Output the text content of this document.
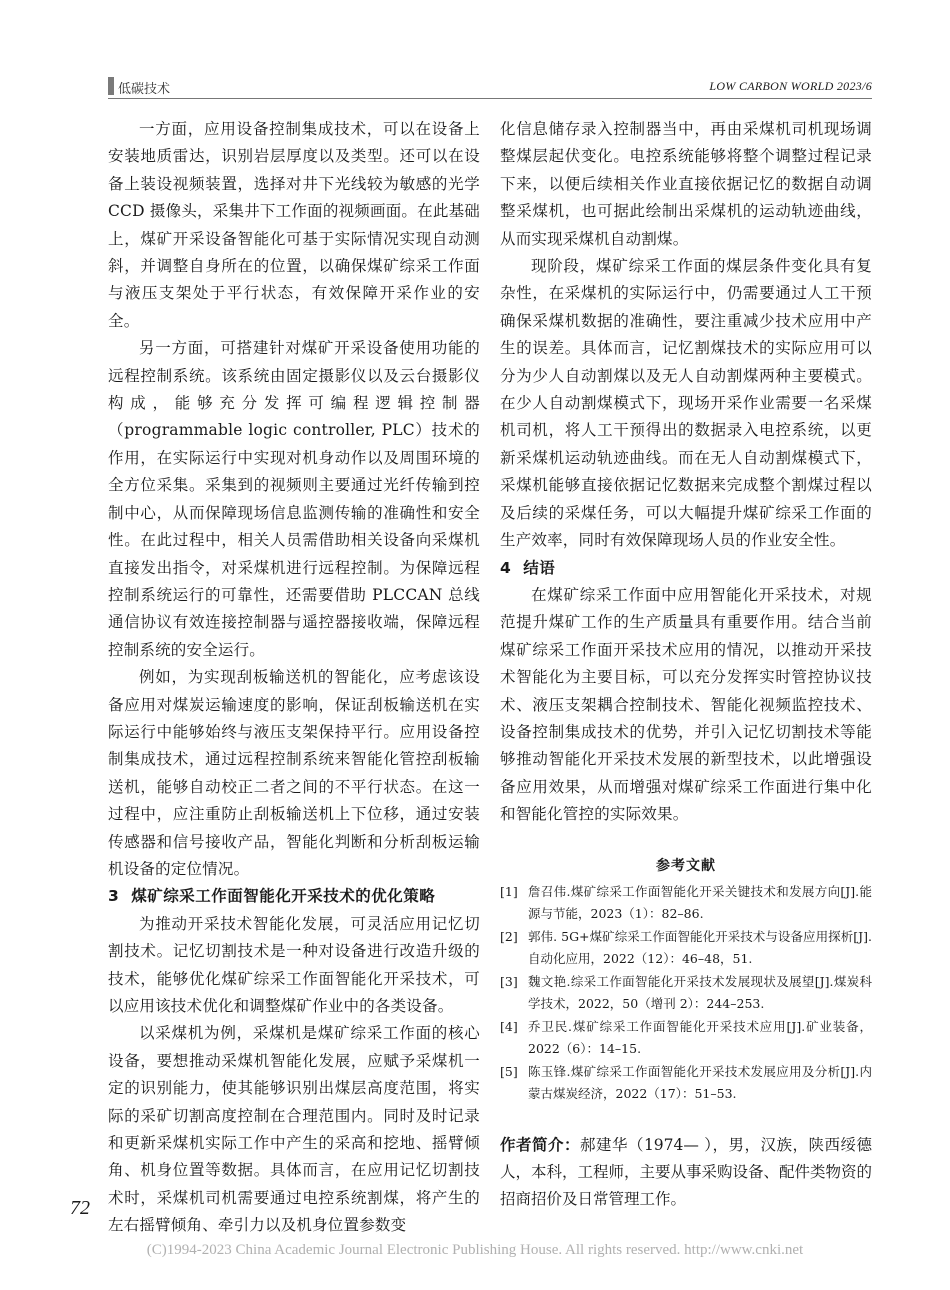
低碳技术	LOW CARBON WORLD 2023/6

一方面，应用设备控制集成技术，可以在设备上安装地质雷达，识别岩层厚度以及类型。还可以在设备上装设视频装置，选择对井下光线较为敏感的光学 CCD 摄像头，采集井下工作面的视频画面。在此基础上，煤矿开采设备智能化可基于实际情况实现自动测斜，并调整自身所在的位置，以确保煤矿综采工作面与液压支架处于平行状态，有效保障开采作业的安全。

另一方面，可搭建针对煤矿开采设备使用功能的远程控制系统。该系统由固定摄影仪以及云台摄影仪构成，能够充分发挥可编程逻辑控制器（programmable logic controller, PLC）技术的作用，在实际运行中实现对机身动作以及周围环境的全方位采集。采集到的视频则主要通过光纤传输到控制中心，从而保障现场信息监测传输的准确性和安全性。在此过程中，相关人员需借助相关设备向采煤机直接发出指令，对采煤机进行远程控制。为保障远程控制系统运行的可靠性，还需要借助 PLCCAN 总线通信协议有效连接控制器与遥控器接收端，保障远程控制系统的安全运行。

例如，为实现刮板输送机的智能化，应考虑该设备应用对煤炭运输速度的影响，保证刮板输送机在实际运行中能够始终与液压支架保持平行。应用设备控制集成技术，通过远程控制系统来智能化管控刮板输送机，能够自动校正二者之间的不平行状态。在这一过程中，应注重防止刮板输送机上下位移，通过安装传感器和信号接收产品，智能化判断和分析刮板运输机设备的定位情况。

3 煤矿综采工作面智能化开采技术的优化策略

为推动开采技术智能化发展，可灵活应用记忆切割技术。记忆切割技术是一种对设备进行改造升级的技术，能够优化煤矿综采工作面智能化开采技术，可以应用该技术优化和调整煤矿作业中的各类设备。

以采煤机为例，采煤机是煤矿综采工作面的核心设备，要想推动采煤机智能化发展，应赋予采煤机一定的识别能力，使其能够识别出煤层高度范围，将实际的采矿切割高度控制在合理范围内。同时及时记录和更新采煤机实际工作中产生的采高和挖地、摇臂倾角、机身位置等数据。具体而言，在应用记忆切割技术时，采煤机司机需要通过电控系统割煤，将产生的左右摇臂倾角、牵引力以及机身位置参数变

化信息储存录入控制器当中，再由采煤机司机现场调整煤层起伏变化。电控系统能够将整个调整过程记录下来，以便后续相关作业直接依据记忆的数据自动调整采煤机，也可据此绘制出采煤机的运动轨迹曲线，从而实现采煤机自动割煤。

现阶段，煤矿综采工作面的煤层条件变化具有复杂性，在采煤机的实际运行中，仍需要通过人工干预确保采煤机数据的准确性，要注重减少技术应用中产生的误差。具体而言，记忆割煤技术的实际应用可以分为少人自动割煤以及无人自动割煤两种主要模式。在少人自动割煤模式下，现场开采作业需要一名采煤机司机，将人工干预得出的数据录入电控系统，以更新采煤机运动轨迹曲线。而在无人自动割煤模式下，采煤机能够直接依据记忆数据来完成整个割煤过程以及后续的采煤任务，可以大幅提升煤矿综采工作面的生产效率，同时有效保障现场人员的作业安全性。

4 结语

在煤矿综采工作面中应用智能化开采技术，对规范提升煤矿工作的生产质量具有重要作用。结合当前煤矿综采工作面开采技术应用的情况，以推动开采技术智能化为主要目标，可以充分发挥实时管控协议技术、液压支架耦合控制技术、智能化视频监控技术、设备控制集成技术的优势，并引入记忆切割技术等能够推动智能化开采技术发展的新型技术，以此增强设备应用效果，从而增强对煤矿综采工作面进行集中化和智能化管控的实际效果。

参考文献

[1] 詹召伟.煤矿综采工作面智能化开采关键技术和发展方向[J].能源与节能，2023（1）：82–86.

[2] 郭伟. 5G+煤矿综采工作面智能化开采技术与设备应用探析[J].自动化应用，2022（12）：46–48，51.

[3] 魏文艳.综采工作面智能化开采技术发展现状及展望[J].煤炭科学技术，2022，50（增刊 2）：244–253.

[4] 乔卫民.煤矿综采工作面智能化开采技术应用[J].矿业装备，2022（6）：14–15.

[5] 陈玉锋.煤矿综采工作面智能化开采技术发展应用及分析[J].内蒙古煤炭经济，2022（17）：51–53.

作者简介：郝建华（1974— ），男，汉族，陕西绥德人，本科，工程师，主要从事采购设备、配件类物资的招商招价及日常管理工作。

72
(C)1994-2023 China Academic Journal Electronic Publishing House. All rights reserved. http://www.cnki.net
